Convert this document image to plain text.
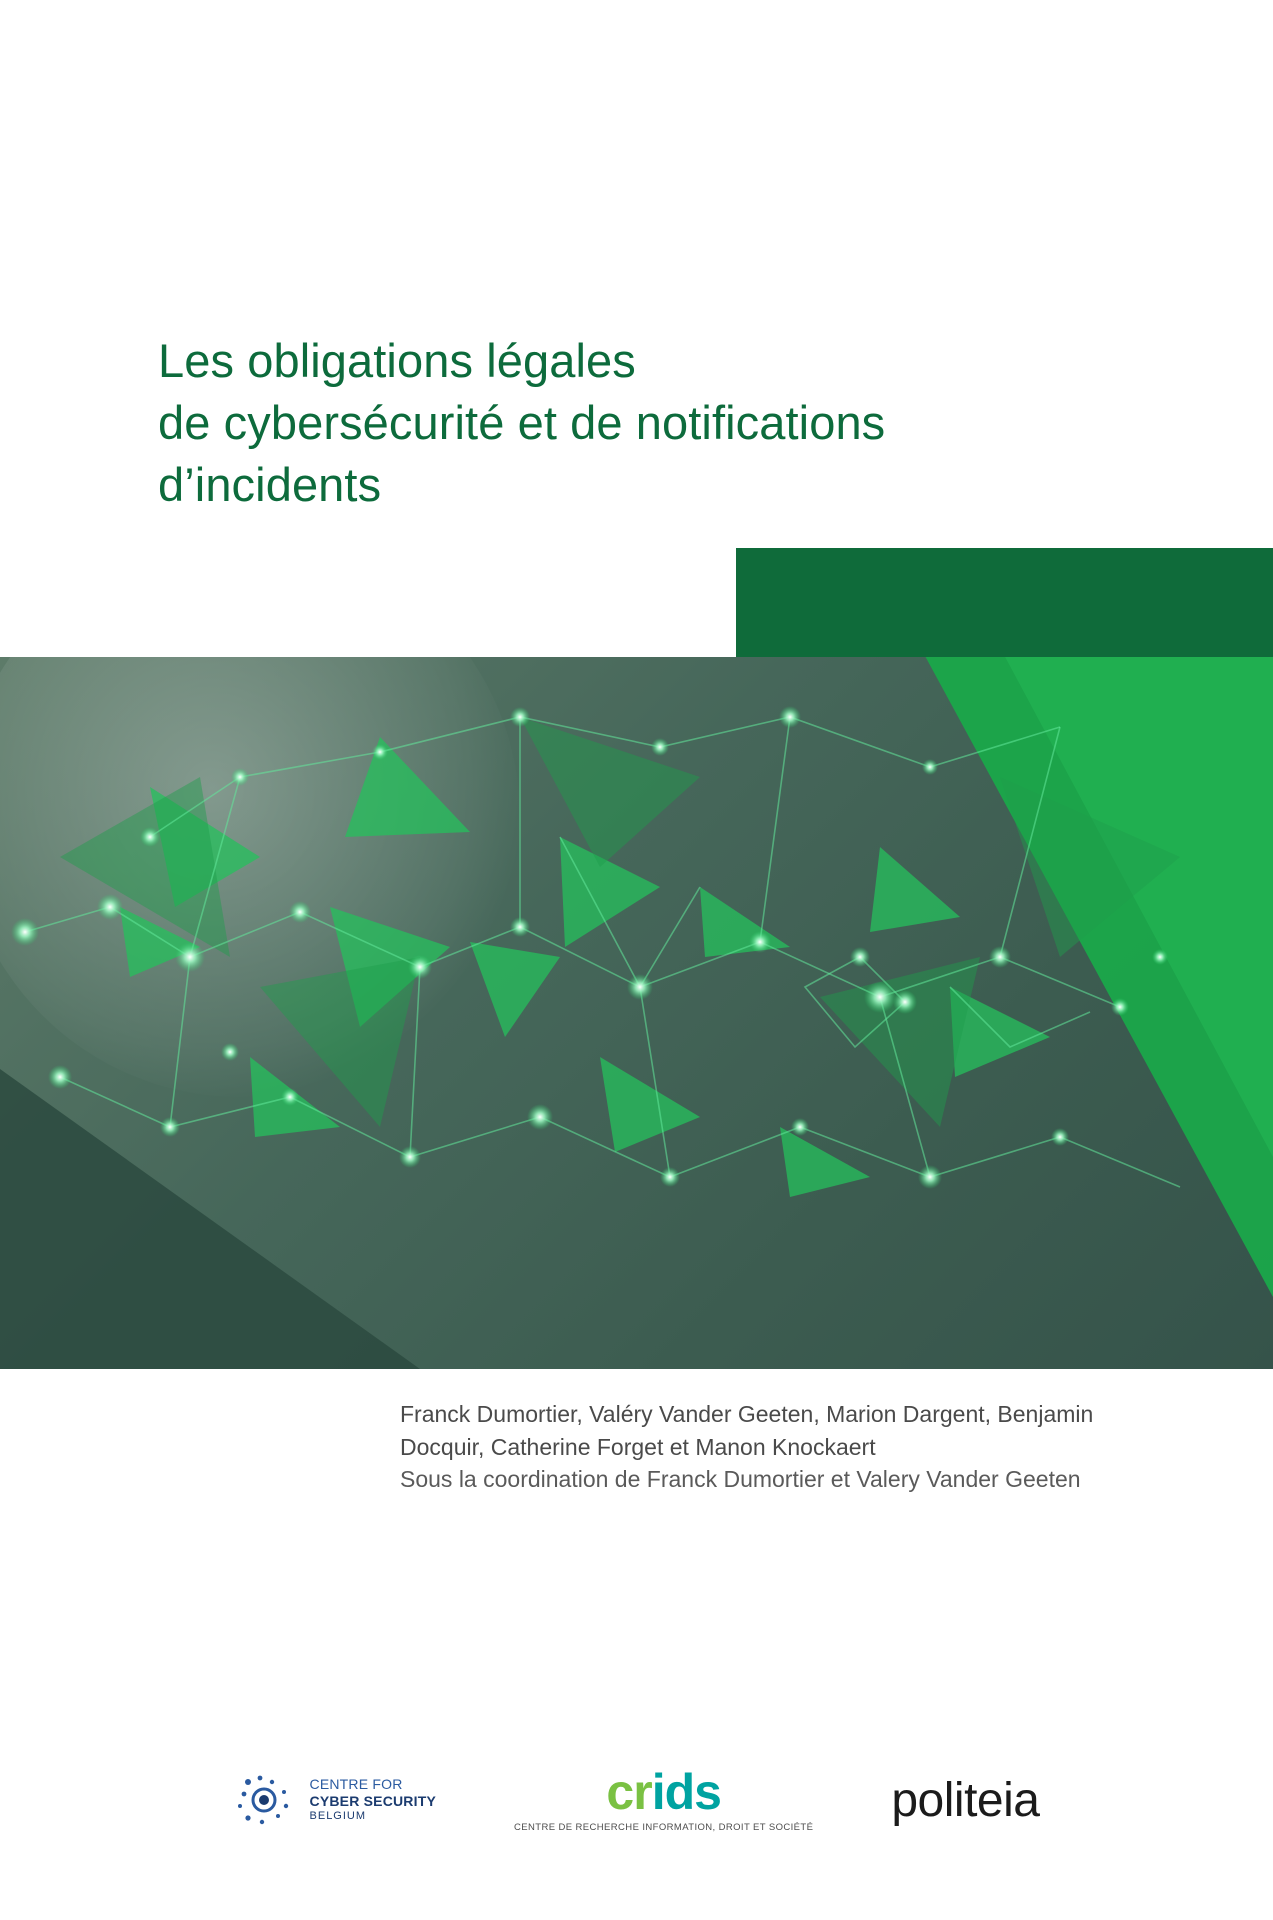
Les obligations légales
de cybersécurité et de notifications
d’incidents
Franck Dumortier, Valéry Vander Geeten, Marion Dargent, Benjamin
Docquir, Catherine Forget et Manon Knockaert
Sous la coordination de Franck Dumortier et Valery Vander Geeten
CENTRE FOR
CYBER SECURITY
BELGIUM	crids
CENTRE DE RECHERCHE INFORMATION, DROIT ET SOCIÉTÉ
politeia
